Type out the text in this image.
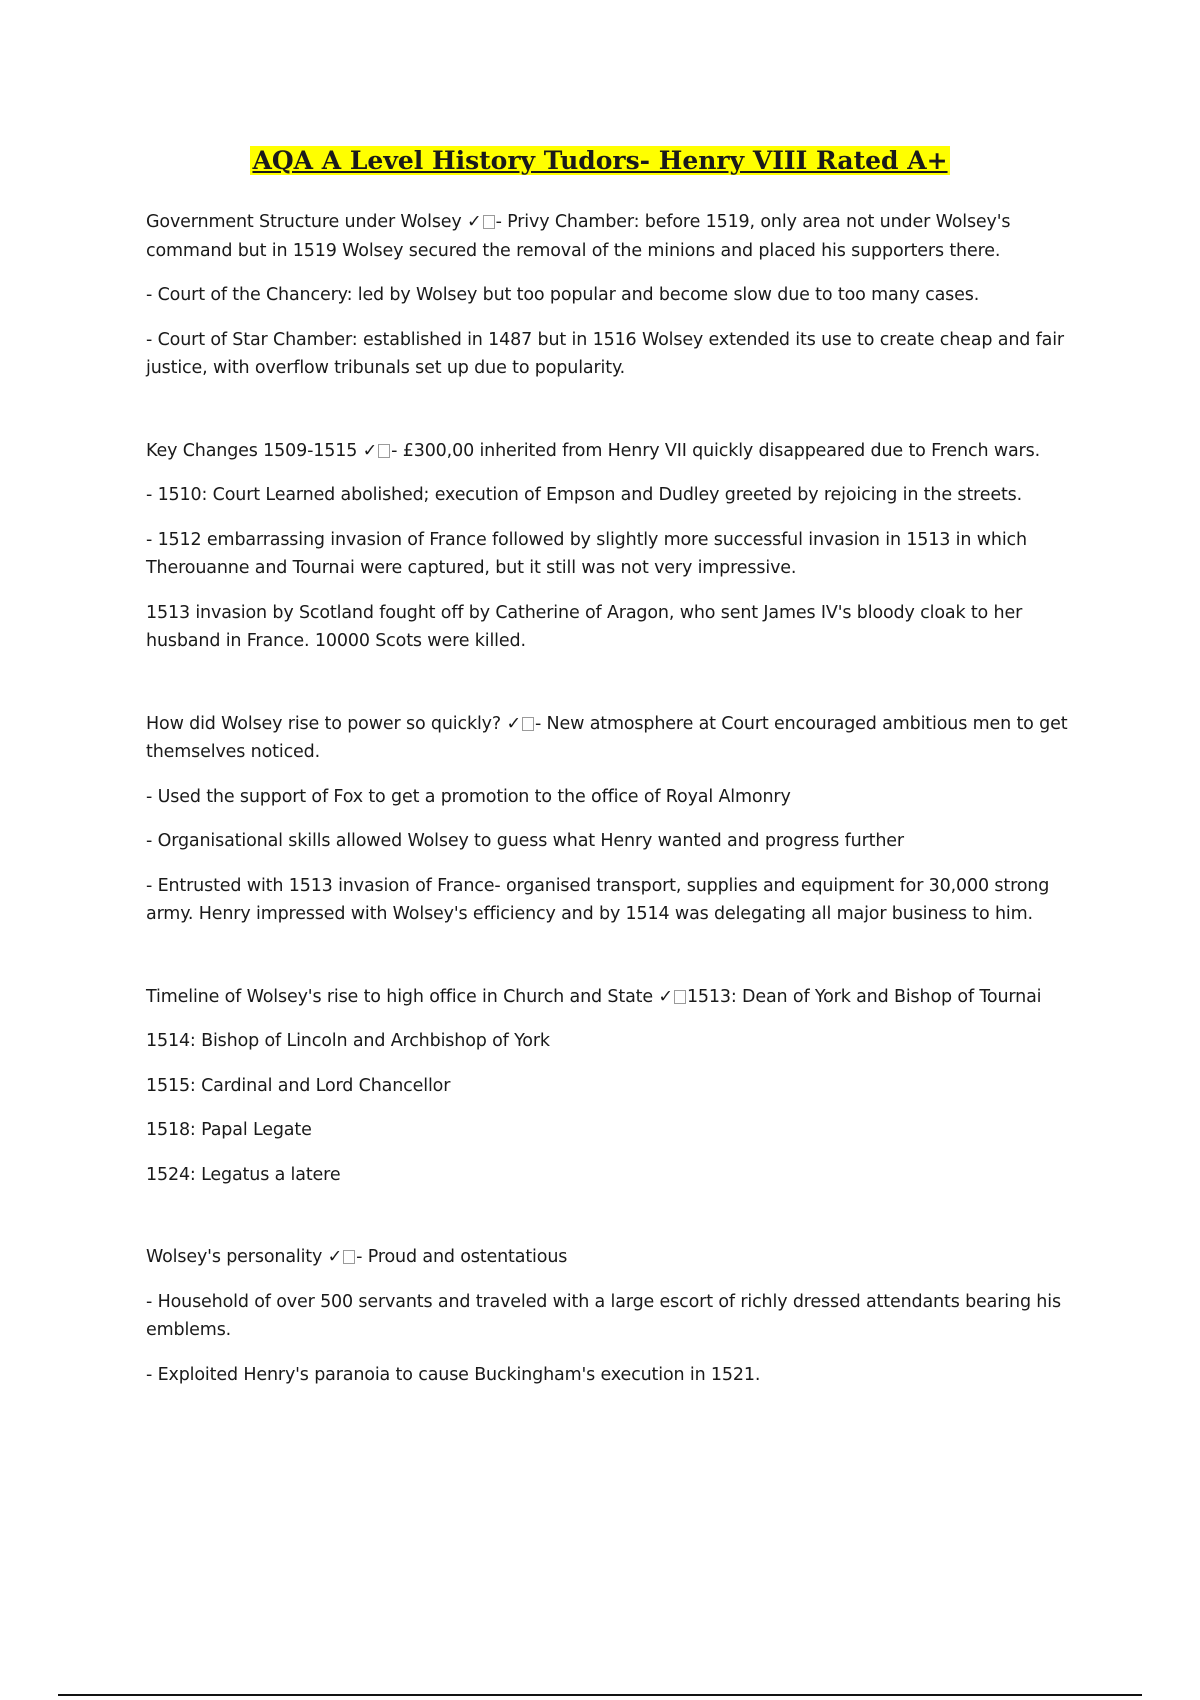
AQA A Level History Tudors- Henry VIII Rated A+

Government Structure under Wolsey ✓ - Privy Chamber: before 1519, only area not under Wolsey's command but in 1519 Wolsey secured the removal of the minions and placed his supporters there.

- Court of the Chancery: led by Wolsey but too popular and become slow due to too many cases.

- Court of Star Chamber: established in 1487 but in 1516 Wolsey extended its use to create cheap and fair justice, with overflow tribunals set up due to popularity.

Key Changes 1509-1515 ✓ - £300,00 inherited from Henry VII quickly disappeared due to French wars.

- 1510: Court Learned abolished; execution of Empson and Dudley greeted by rejoicing in the streets.

- 1512 embarrassing invasion of France followed by slightly more successful invasion in 1513 in which Therouanne and Tournai were captured, but it still was not very impressive.

1513 invasion by Scotland fought off by Catherine of Aragon, who sent James IV's bloody cloak to her husband in France. 10000 Scots were killed.

How did Wolsey rise to power so quickly? ✓ - New atmosphere at Court encouraged ambitious men to get themselves noticed.

- Used the support of Fox to get a promotion to the office of Royal Almonry

- Organisational skills allowed Wolsey to guess what Henry wanted and progress further

- Entrusted with 1513 invasion of France- organised transport, supplies and equipment for 30,000 strong army. Henry impressed with Wolsey's efficiency and by 1514 was delegating all major business to him.

Timeline of Wolsey's rise to high office in Church and State ✓ 1513: Dean of York and Bishop of Tournai

1514: Bishop of Lincoln and Archbishop of York

1515: Cardinal and Lord Chancellor

1518: Papal Legate

1524: Legatus a latere

Wolsey's personality ✓ - Proud and ostentatious

- Household of over 500 servants and traveled with a large escort of richly dressed attendants bearing his emblems.

- Exploited Henry's paranoia to cause Buckingham's execution in 1521.
